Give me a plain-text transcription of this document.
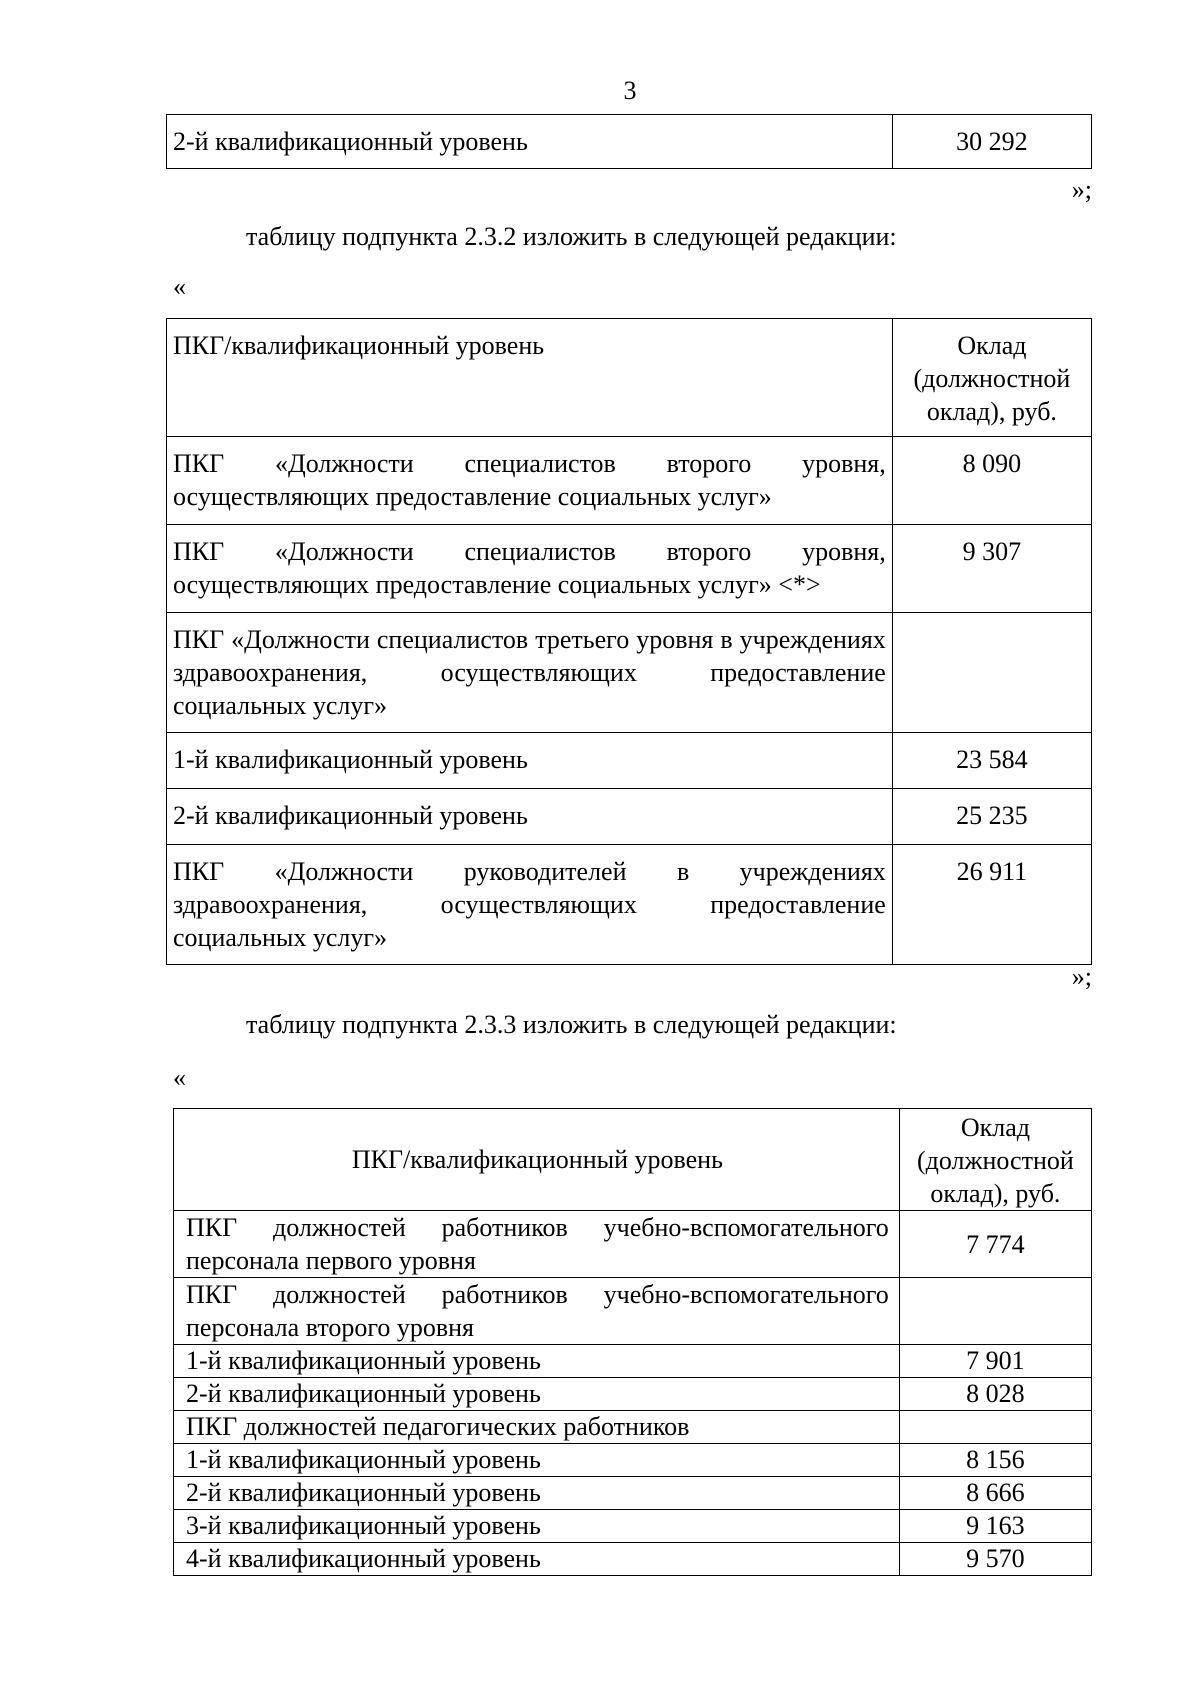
3
2-й квалификационный уровень	30 292
»;
таблицу подпункта 2.3.2 изложить в следующей редакции:
«
ПКГ/квалификационный уровень	Оклад (должностной оклад), руб.
ПКГ «Должности специалистов второго уровня, осуществляющих предоставление социальных услуг»	8 090
ПКГ «Должности специалистов второго уровня, осуществляющих предоставление социальных услуг» <*>	9 307
ПКГ «Должности специалистов третьего уровня в учреждениях здравоохранения, осуществляющих предоставление социальных услуг»	
1-й квалификационный уровень	23 584
2-й квалификационный уровень	25 235
ПКГ «Должности руководителей в учреждениях здравоохранения, осуществляющих предоставление социальных услуг»	26 911
»;
таблицу подпункта 2.3.3 изложить в следующей редакции:
«
ПКГ/квалификационный уровень	Оклад (должностной оклад), руб.
ПКГ должностей работников учебно-вспомогательного персонала первого уровня	7 774
ПКГ должностей работников учебно-вспомогательного персонала второго уровня	
1-й квалификационный уровень	7 901
2-й квалификационный уровень	8 028
ПКГ должностей педагогических работников	
1-й квалификационный уровень	8 156
2-й квалификационный уровень	8 666
3-й квалификационный уровень	9 163
4-й квалификационный уровень	9 570
